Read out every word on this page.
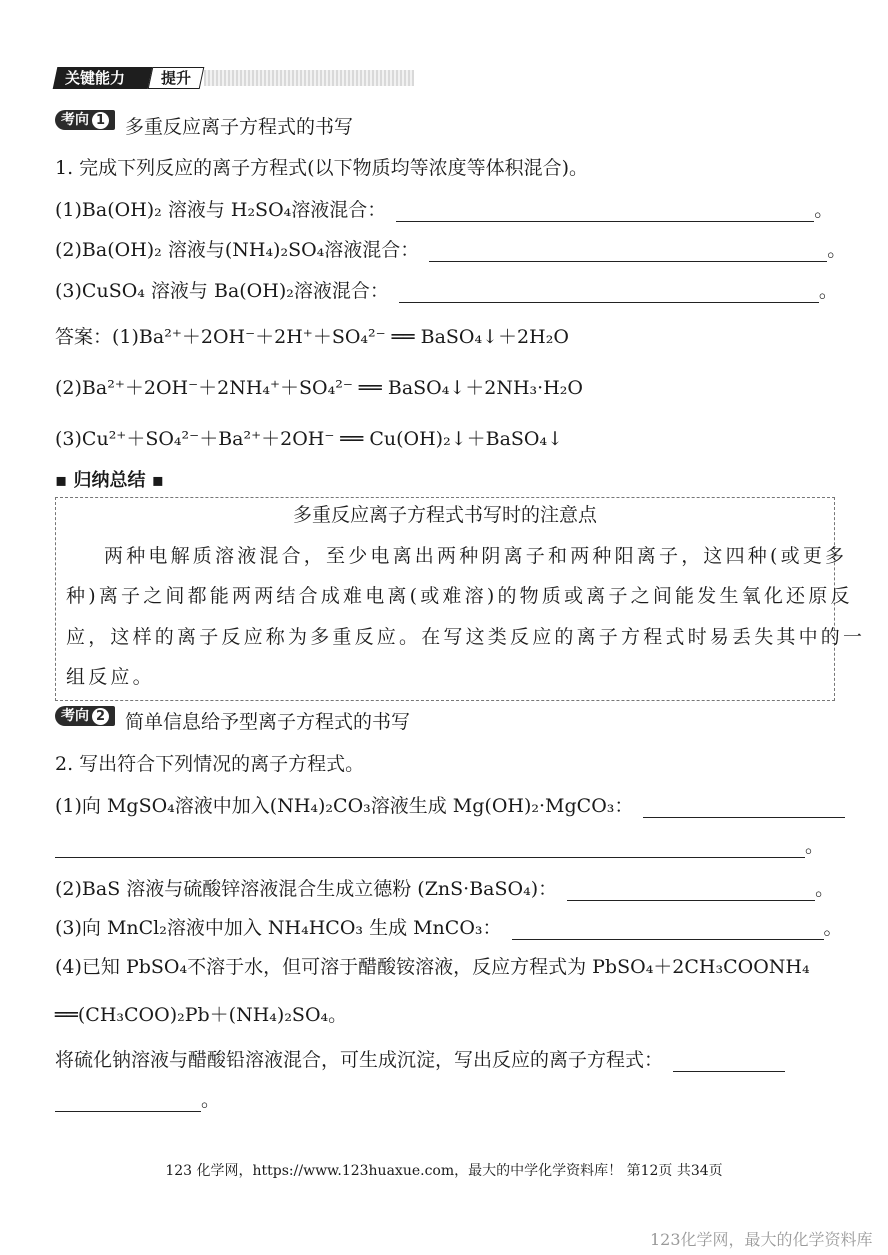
关键能力	提升
考向 1	多重反应离子方程式的书写
1. 完成下列反应的离子方程式(以下物质均等浓度等体积混合)。
(1)Ba(OH)₂ 溶液与 H₂SO₄溶液混合：	。
(2)Ba(OH)₂ 溶液与(NH₄)₂SO₄溶液混合：	。
(3)CuSO₄ 溶液与 Ba(OH)₂溶液混合：	。
答案：(1)Ba²⁺＋2OH⁻＋2H⁺＋SO₄²⁻ ══ BaSO₄↓＋2H₂O
(2)Ba²⁺＋2OH⁻＋2NH₄⁺＋SO₄²⁻ ══ BaSO₄↓＋2NH₃·H₂O
(3)Cu²⁺＋SO₄²⁻＋Ba²⁺＋2OH⁻ ══ Cu(OH)₂↓＋BaSO₄↓
▪ 归纳总结 ▪
多重反应离子方程式书写时的注意点
两种电解质溶液混合，至少电离出两种阴离子和两种阳离子，这四种(或更多
种)离子之间都能两两结合成难电离(或难溶)的物质或离子之间能发生氧化还原反
应，这样的离子反应称为多重反应。在写这类反应的离子方程式时易丢失其中的一
组反应。
考向 2	简单信息给予型离子方程式的书写
2. 写出符合下列情况的离子方程式。
(1)向 MgSO₄溶液中加入(NH₄)₂CO₃溶液生成 Mg(OH)₂·MgCO₃：
。
(2)BaS 溶液与硫酸锌溶液混合生成立德粉 (ZnS·BaSO₄)：	。
(3)向 MnCl₂溶液中加入 NH₄HCO₃ 生成 MnCO₃：	。
(4)已知 PbSO₄不溶于水，但可溶于醋酸铵溶液，反应方程式为 PbSO₄＋2CH₃COONH₄
══(CH₃COO)₂Pb＋(NH₄)₂SO₄。
将硫化钠溶液与醋酸铅溶液混合，可生成沉淀，写出反应的离子方程式：
。
123 化学网，https://www.123huaxue.com，最大的中学化学资料库！ 第12页 共34页
123化学网，最大的化学资料库
